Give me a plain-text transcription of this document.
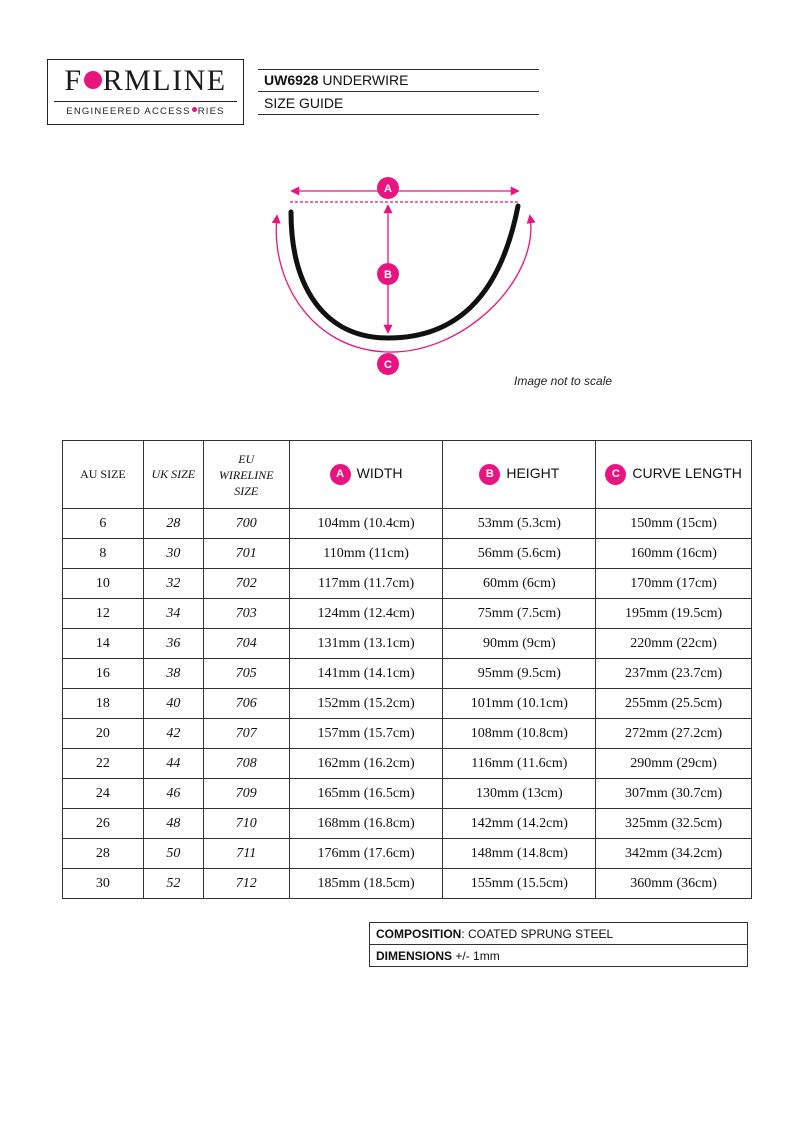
F RMLINE
ENGINEERED ACCESS RIES
UW6928 UNDERWIRE
SIZE GUIDE
A
B
C
Image not to scale
AU SIZE	UK SIZE	EU
WIRELINE
SIZE	A WIDTH	B HEIGHT	C CURVE LENGTH
6	28	700	104mm (10.4cm)	53mm (5.3cm)	150mm (15cm)
8	30	701	110mm (11cm)	56mm (5.6cm)	160mm (16cm)
10	32	702	117mm (11.7cm)	60mm (6cm)	170mm (17cm)
12	34	703	124mm (12.4cm)	75mm (7.5cm)	195mm (19.5cm)
14	36	704	131mm (13.1cm)	90mm (9cm)	220mm (22cm)
16	38	705	141mm (14.1cm)	95mm (9.5cm)	237mm (23.7cm)
18	40	706	152mm (15.2cm)	101mm (10.1cm)	255mm (25.5cm)
20	42	707	157mm (15.7cm)	108mm (10.8cm)	272mm (27.2cm)
22	44	708	162mm (16.2cm)	116mm (11.6cm)	290mm (29cm)
24	46	709	165mm (16.5cm)	130mm (13cm)	307mm (30.7cm)
26	48	710	168mm (16.8cm)	142mm (14.2cm)	325mm (32.5cm)
28	50	711	176mm (17.6cm)	148mm (14.8cm)	342mm (34.2cm)
30	52	712	185mm (18.5cm)	155mm (15.5cm)	360mm (36cm)
COMPOSITION: COATED SPRUNG STEEL
DIMENSIONS +/- 1mm
